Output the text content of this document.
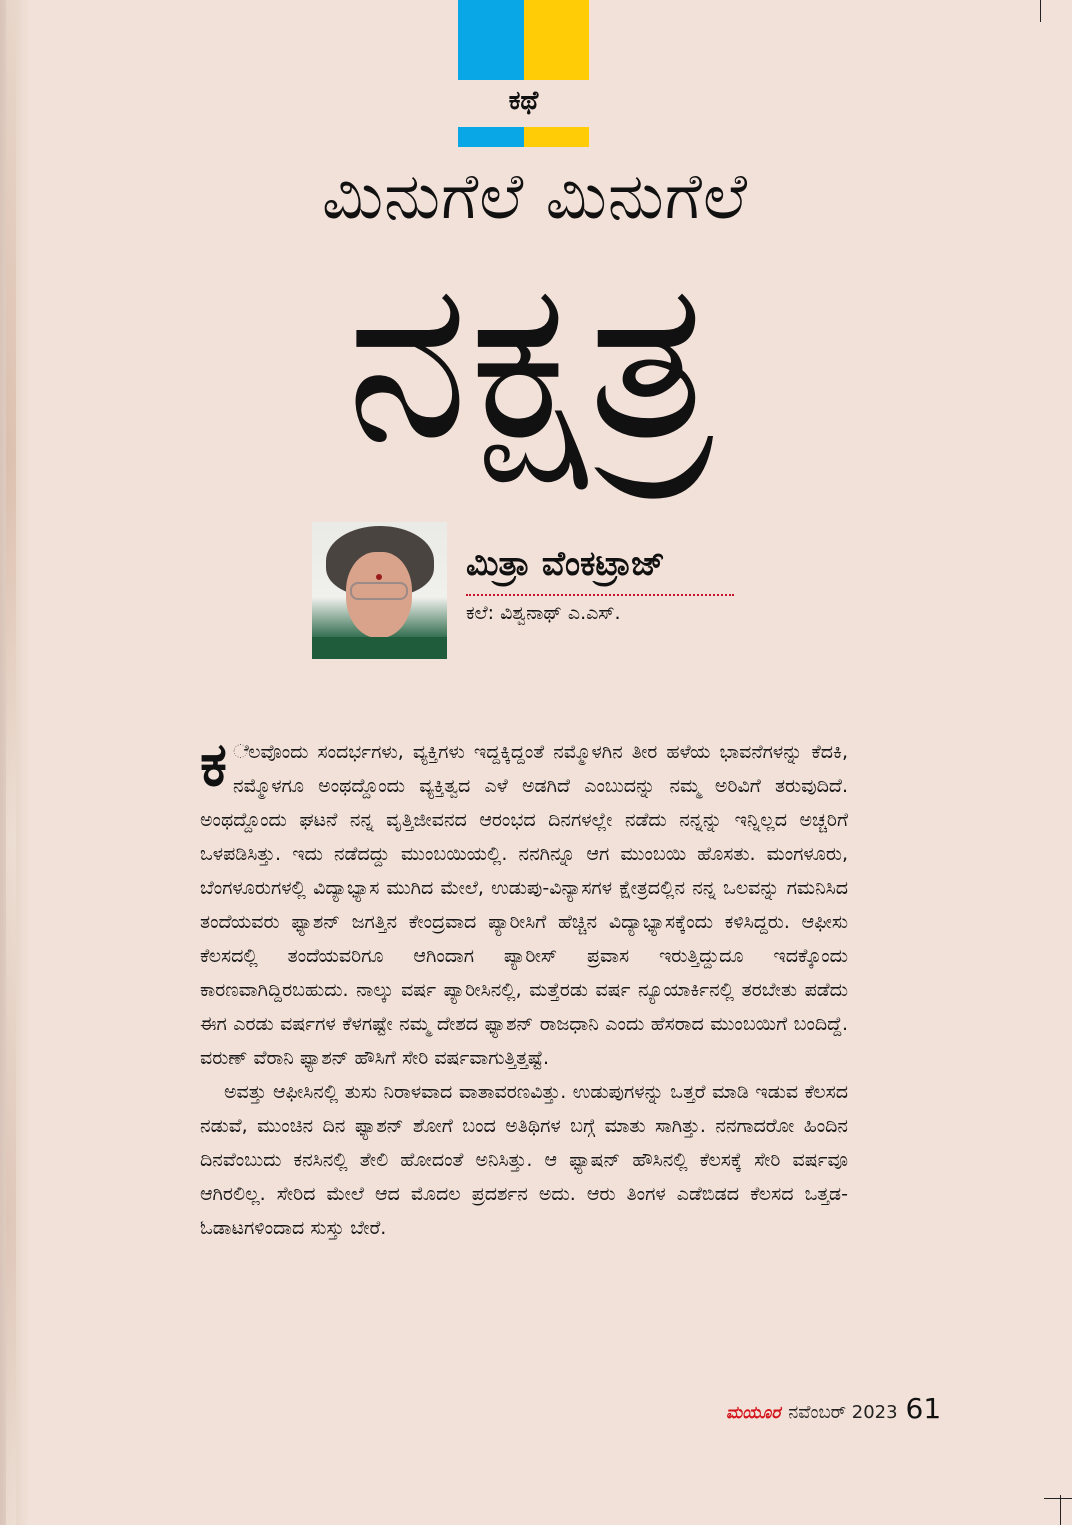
ಕಥೆ
ಮಿನುಗೆಲೆ ಮಿನುಗೆಲೆ
ನಕ್ಷತ್ರ
ಮಿತ್ರಾ ವೆಂಕಟ್ರಾಜ್
ಕಲೆ: ವಿಶ್ವನಾಥ್ ಎ.ಎಸ್.

ಕ ೆಲವೊಂದು ಸಂದರ್ಭಗಳು, ವ್ಯಕ್ತಿಗಳು ಇದ್ದಕ್ಕಿದ್ದಂತೆ ನಮ್ಮೊಳಗಿನ ತೀರ ಹಳೆಯ ಭಾವನೆಗಳನ್ನು ಕೆದಕಿ, ನಮ್ಮೊಳಗೂ ಅಂಥದ್ದೊಂದು ವ್ಯಕ್ತಿತ್ವದ ಎಳೆ ಅಡಗಿದೆ ಎಂಬುದನ್ನು ನಮ್ಮ ಅರಿವಿಗೆ ತರುವುದಿದೆ. ಅಂಥದ್ದೊಂದು ಘಟನೆ ನನ್ನ ವೃತ್ತಿಜೀವನದ ಆರಂಭದ ದಿನಗಳಲ್ಲೇ ನಡೆದು ನನ್ನನ್ನು ಇನ್ನಿಲ್ಲದ ಅಚ್ಚರಿಗೆ ಒಳಪಡಿಸಿತ್ತು. ಇದು ನಡೆದದ್ದು ಮುಂಬಯಿಯಲ್ಲಿ. ನನಗಿನ್ನೂ ಆಗ ಮುಂಬಯಿ ಹೊಸತು. ಮಂಗಳೂರು, ಬೆಂಗಳೂರುಗಳಲ್ಲಿ ವಿದ್ಯಾಭ್ಯಾಸ ಮುಗಿದ ಮೇಲೆ, ಉಡುಪು-ವಿನ್ಯಾಸಗಳ ಕ್ಷೇತ್ರದಲ್ಲಿನ ನನ್ನ ಒಲವನ್ನು ಗಮನಿಸಿದ ತಂದೆಯವರು ಫ್ಯಾಶನ್ ಜಗತ್ತಿನ ಕೇಂದ್ರವಾದ ಪ್ಯಾರೀಸಿಗೆ ಹೆಚ್ಚಿನ ವಿದ್ಯಾಭ್ಯಾಸಕ್ಕೆಂದು ಕಳಿಸಿದ್ದರು. ಆಫೀಸು ಕೆಲಸದಲ್ಲಿ ತಂದೆಯವರಿಗೂ ಆಗಿಂದಾಗ ಪ್ಯಾರೀಸ್ ಪ್ರವಾಸ ಇರುತ್ತಿದ್ದುದೂ ಇದಕ್ಕೊಂದು ಕಾರಣವಾಗಿದ್ದಿರಬಹುದು. ನಾಲ್ಕು ವರ್ಷ ಪ್ಯಾರೀಸಿನಲ್ಲಿ, ಮತ್ತೆರಡು ವರ್ಷ ನ್ಯೂಯಾರ್ಕಿನಲ್ಲಿ ತರಬೇತು ಪಡೆದು ಈಗ ಎರಡು ವರ್ಷಗಳ ಕೆಳಗಷ್ಟೇ ನಮ್ಮ ದೇಶದ ಫ್ಯಾಶನ್ ರಾಜಧಾನಿ ಎಂದು ಹೆಸರಾದ ಮುಂಬಯಿಗೆ ಬಂದಿದ್ದೆ. ವರುಣ್ ವೆರಾನಿ ಫ್ಯಾಶನ್ ಹೌಸಿಗೆ ಸೇರಿ ವರ್ಷವಾಗುತ್ತಿತ್ತಷ್ಟೆ.

ಅವತ್ತು ಆಫೀಸಿನಲ್ಲಿ ತುಸು ನಿರಾಳವಾದ ವಾತಾವರಣವಿತ್ತು. ಉಡುಪುಗಳನ್ನು ಒತ್ತರೆ ಮಾಡಿ ಇಡುವ ಕೆಲಸದ ನಡುವೆ, ಮುಂಚಿನ ದಿನ ಫ್ಯಾಶನ್ ಶೋಗೆ ಬಂದ ಅತಿಥಿಗಳ ಬಗ್ಗೆ ಮಾತು ಸಾಗಿತ್ತು. ನನಗಾದರೋ ಹಿಂದಿನ ದಿನವೆಂಬುದು ಕನಸಿನಲ್ಲಿ ತೇಲಿ ಹೋದಂತೆ ಅನಿಸಿತ್ತು. ಆ ಫ್ಯಾಷನ್ ಹೌಸಿನಲ್ಲಿ ಕೆಲಸಕ್ಕೆ ಸೇರಿ ವರ್ಷವೂ ಆಗಿರಲಿಲ್ಲ. ಸೇರಿದ ಮೇಲೆ ಆದ ಮೊದಲ ಪ್ರದರ್ಶನ ಅದು. ಆರು ತಿಂಗಳ ಎಡೆಬಿಡದ ಕೆಲಸದ ಒತ್ತಡ-ಓಡಾಟಗಳಿಂದಾದ ಸುಸ್ತು ಬೇರೆ.

ಮಯೂರ ನವೆಂಬರ್ 2023 61
